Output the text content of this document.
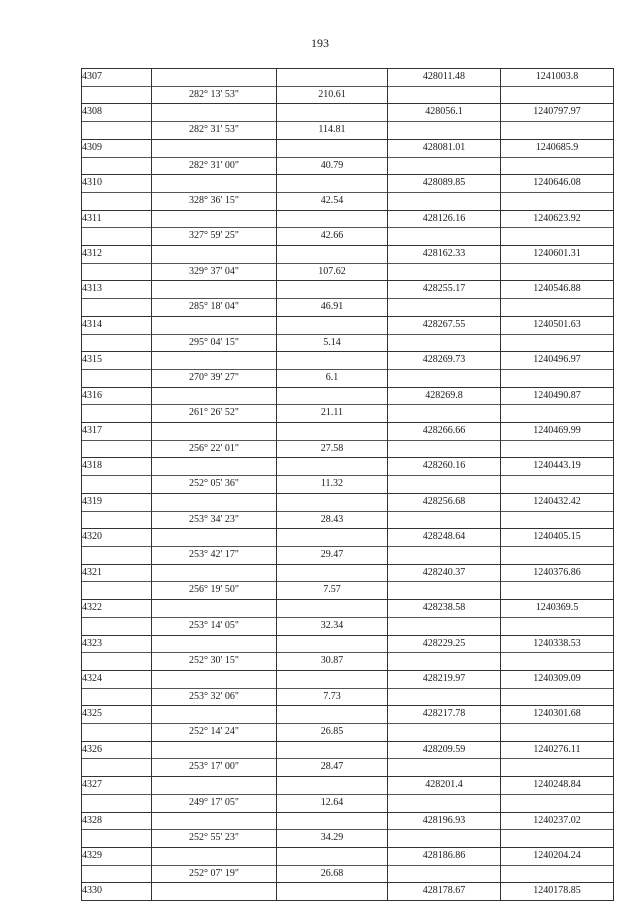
193
4307			428011.48	1241003.8
	282° 13' 53"	210.61		
4308			428056.1	1240797.97
	282° 31' 53"	114.81		
4309			428081.01	1240685.9
	282° 31' 00"	40.79		
4310			428089.85	1240646.08
	328° 36' 15"	42.54		
4311			428126.16	1240623.92
	327° 59' 25"	42.66		
4312			428162.33	1240601.31
	329° 37' 04"	107.62		
4313			428255.17	1240546.88
	285° 18' 04"	46.91		
4314			428267.55	1240501.63
	295° 04' 15"	5.14		
4315			428269.73	1240496.97
	270° 39' 27"	6.1		
4316			428269.8	1240490.87
	261° 26' 52"	21.11		
4317			428266.66	1240469.99
	256° 22' 01"	27.58		
4318			428260.16	1240443.19
	252° 05' 36"	11.32		
4319			428256.68	1240432.42
	253° 34' 23"	28.43		
4320			428248.64	1240405.15
	253° 42' 17"	29.47		
4321			428240.37	1240376.86
	256° 19' 50"	7.57		
4322			428238.58	1240369.5
	253° 14' 05"	32.34		
4323			428229.25	1240338.53
	252° 30' 15"	30.87		
4324			428219.97	1240309.09
	253° 32' 06"	7.73		
4325			428217.78	1240301.68
	252° 14' 24"	26.85		
4326			428209.59	1240276.11
	253° 17' 00"	28.47		
4327			428201.4	1240248.84
	249° 17' 05"	12.64		
4328			428196.93	1240237.02
	252° 55' 23"	34.29		
4329			428186.86	1240204.24
	252° 07' 19"	26.68		
4330			428178.67	1240178.85
